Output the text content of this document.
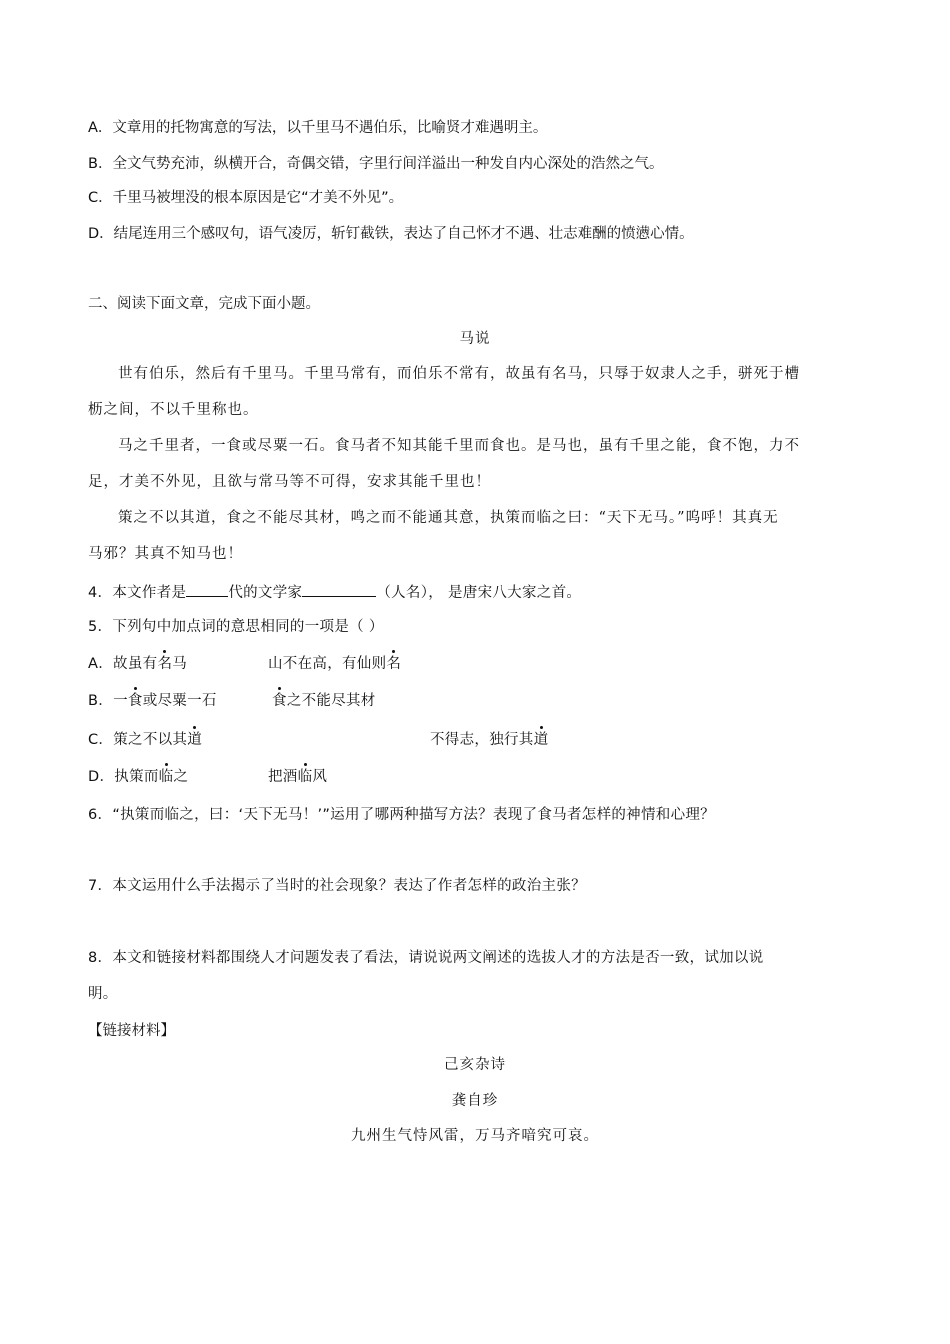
A．文章用的托物寓意的写法，以千里马不遇伯乐，比喻贤才难遇明主。
B．全文气势充沛，纵横开合，奇偶交错，字里行间洋溢出一种发自内心深处的浩然之气。
C．千里马被埋没的根本原因是它“才美不外见”。
D．结尾连用三个感叹句，语气凌厉，斩钉截铁，表达了自己怀才不遇、壮志难酬的愤懑心情。
二、阅读下面文章，完成下面小题。
马说
世有伯乐，然后有千里马。千里马常有，而伯乐不常有，故虽有名马，只辱于奴隶人之手，骈死于槽
枥之间，不以千里称也。
马之千里者，一食或尽粟一石。食马者不知其能千里而食也。是马也，虽有千里之能，食不饱，力不
足，才美不外见，且欲与常马等不可得，安求其能千里也！
策之不以其道，食之不能尽其材，鸣之而不能通其意，执策而临之曰：“天下无马。”呜呼！其真无
马邪？其真不知马也！
4．本文作者是	代的文学家	（人名）， 是唐宋八大家之首。
5．下列句中加点词的意思相同的一项是（ ）
A．故虽有名马	山不在高，有仙则名
B．一食或尽粟一石	食之不能尽其材
C．策之不以其道	不得志，独行其道
D．执策而临之	把酒临风
6．“执策而临之，曰：‘天下无马！’”运用了哪两种描写方法？表现了食马者怎样的神情和心理？
7．本文运用什么手法揭示了当时的社会现象？表达了作者怎样的政治主张？
8．本文和链接材料都围绕人才问题发表了看法，请说说两文阐述的选拔人才的方法是否一致，试加以说
明。
【链接材料】
己亥杂诗
龚自珍
九州生气恃风雷，万马齐喑究可哀。
